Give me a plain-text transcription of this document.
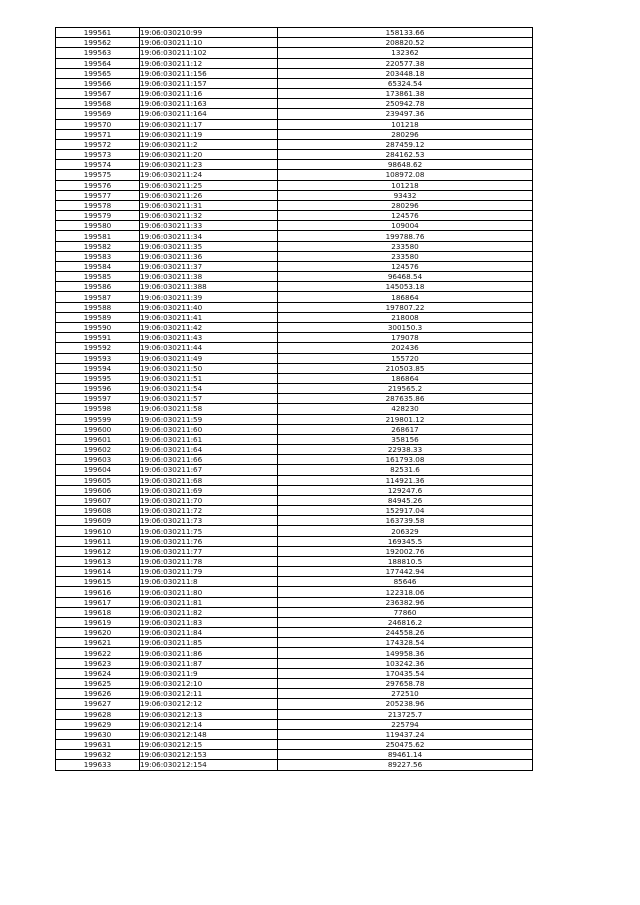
199561	19:06:030210:99	158133.66
199562	19:06:030211:10	208820.52
199563	19:06:030211:102	132362
199564	19:06:030211:12	220577.38
199565	19:06:030211:156	203448.18
199566	19:06:030211:157	65324.54
199567	19:06:030211:16	173861.38
199568	19:06:030211:163	250942.78
199569	19:06:030211:164	239497.36
199570	19:06:030211:17	101218
199571	19:06:030211:19	280296
199572	19:06:030211:2	287459.12
199573	19:06:030211:20	284162.53
199574	19:06:030211:23	98648.62
199575	19:06:030211:24	108972.08
199576	19:06:030211:25	101218
199577	19:06:030211:26	93432
199578	19:06:030211:31	280296
199579	19:06:030211:32	124576
199580	19:06:030211:33	109004
199581	19:06:030211:34	199788.76
199582	19:06:030211:35	233580
199583	19:06:030211:36	233580
199584	19:06:030211:37	124576
199585	19:06:030211:38	96468.54
199586	19:06:030211:388	145053.18
199587	19:06:030211:39	186864
199588	19:06:030211:40	197807.22
199589	19:06:030211:41	218008
199590	19:06:030211:42	300150.3
199591	19:06:030211:43	179078
199592	19:06:030211:44	202436
199593	19:06:030211:49	155720
199594	19:06:030211:50	210503.85
199595	19:06:030211:51	186864
199596	19:06:030211:54	219565.2
199597	19:06:030211:57	287635.86
199598	19:06:030211:58	428230
199599	19:06:030211:59	219801.12
199600	19:06:030211:60	268617
199601	19:06:030211:61	358156
199602	19:06:030211:64	22938.33
199603	19:06:030211:66	161793.08
199604	19:06:030211:67	82531.6
199605	19:06:030211:68	114921.36
199606	19:06:030211:69	129247.6
199607	19:06:030211:70	84945.26
199608	19:06:030211:72	152917.04
199609	19:06:030211:73	163739.58
199610	19:06:030211:75	206329
199611	19:06:030211:76	169345.5
199612	19:06:030211:77	192002.76
199613	19:06:030211:78	188810.5
199614	19:06:030211:79	177442.94
199615	19:06:030211:8	85646
199616	19:06:030211:80	122318.06
199617	19:06:030211:81	236382.96
199618	19:06:030211:82	77860
199619	19:06:030211:83	246816.2
199620	19:06:030211:84	244558.26
199621	19:06:030211:85	174328.54
199622	19:06:030211:86	149958.36
199623	19:06:030211:87	103242.36
199624	19:06:030211:9	170435.54
199625	19:06:030212:10	297658.78
199626	19:06:030212:11	272510
199627	19:06:030212:12	205238.96
199628	19:06:030212:13	213725.7
199629	19:06:030212:14	225794
199630	19:06:030212:148	119437.24
199631	19:06:030212:15	250475.62
199632	19:06:030212:153	89461.14
199633	19:06:030212:154	89227.56
